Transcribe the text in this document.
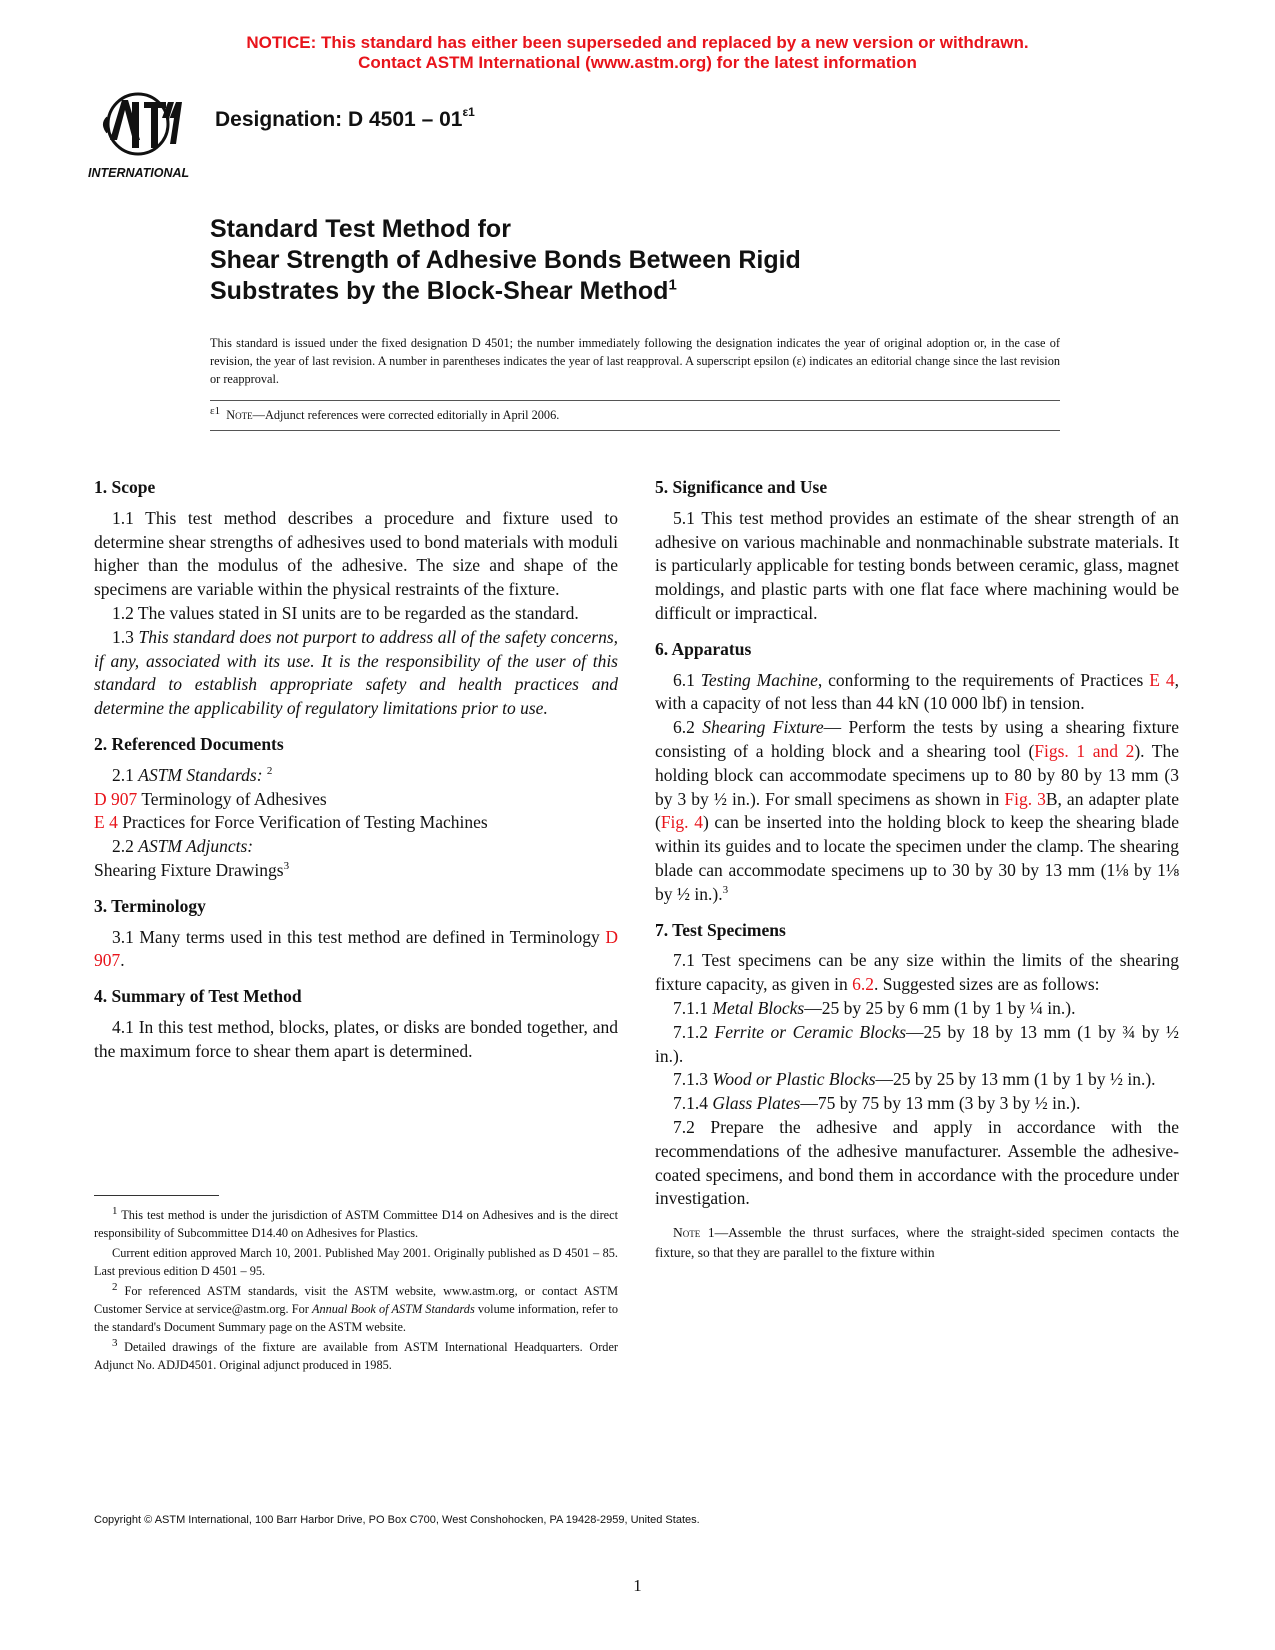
NOTICE: This standard has either been superseded and replaced by a new version or withdrawn.
Contact ASTM International (www.astm.org) for the latest information
INTERNATIONAL
Designation: D $4501 - 01^{\varepsilon 1}$
Standard Test Method for
Shear Strength of Adhesive Bonds Between Rigid
Substrates by the Block-Shear Method$^1$
This standard is issued under the fixed designation D 4501; the number immediately following the designation indicates the year of original adoption or, in the case of revision, the year of last revision. A number in parentheses indicates the year of last reapproval. A superscript epsilon (ε) indicates an editorial change since the last revision or reapproval.
$^{\varepsilon 1}$ Note—Adjunct references were corrected editorially in April 2006.
1. Scope

1.1 This test method describes a procedure and fixture used to determine shear strengths of adhesives used to bond materials with moduli higher than the modulus of the adhesive. The size and shape of the specimens are variable within the physical restraints of the fixture.

1.2 The values stated in SI units are to be regarded as the standard.

1.3 This standard does not purport to address all of the safety concerns, if any, associated with its use. It is the responsibility of the user of this standard to establish appropriate safety and health practices and determine the applicability of regulatory limitations prior to use.

2. Referenced Documents

2.1 ASTM Standards: $^2$

D 907 Terminology of Adhesives

E 4 Practices for Force Verification of Testing Machines

2.2 ASTM Adjuncts:

Shearing Fixture Drawings$^3$

3. Terminology

3.1 Many terms used in this test method are defined in Terminology D 907.

4. Summary of Test Method

4.1 In this test method, blocks, plates, or disks are bonded together, and the maximum force to shear them apart is determined.

$^1$ This test method is under the jurisdiction of ASTM Committee D14 on Adhesives and is the direct responsibility of Subcommittee D14.40 on Adhesives for Plastics.

Current edition approved March 10, 2001. Published May 2001. Originally published as D 4501 – 85. Last previous edition D 4501 – 95.

$^2$ For referenced ASTM standards, visit the ASTM website, www.astm.org, or contact ASTM Customer Service at service@astm.org. For Annual Book of ASTM Standards volume information, refer to the standard's Document Summary page on the ASTM website.

$^3$ Detailed drawings of the fixture are available from ASTM International Headquarters. Order Adjunct No. ADJD4501. Original adjunct produced in 1985.

5. Significance and Use

5.1 This test method provides an estimate of the shear strength of an adhesive on various machinable and nonmachinable substrate materials. It is particularly applicable for testing bonds between ceramic, glass, magnet moldings, and plastic parts with one flat face where machining would be difficult or impractical.

6. Apparatus

6.1 Testing Machine, conforming to the requirements of Practices E 4, with a capacity of not less than 44 kN (10 000 lbf) in tension.

6.2 Shearing Fixture— Perform the tests by using a shearing fixture consisting of a holding block and a shearing tool (Figs. 1 and 2). The holding block can accommodate specimens up to 80 by 80 by 13 mm (3 by 3 by ½ in.). For small specimens as shown in Fig. 3B, an adapter plate (Fig. 4) can be inserted into the holding block to keep the shearing blade within its guides and to locate the specimen under the clamp. The shearing blade can accommodate specimens up to 30 by 30 by 13 mm (1⅛ by 1⅛ by ½ in.).$^3$

7. Test Specimens

7.1 Test specimens can be any size within the limits of the shearing fixture capacity, as given in 6.2. Suggested sizes are as follows:

7.1.1 Metal Blocks—25 by 25 by 6 mm (1 by 1 by ¼ in.).

7.1.2 Ferrite or Ceramic Blocks—25 by 18 by 13 mm (1 by ¾ by ½ in.).

7.1.3 Wood or Plastic Blocks—25 by 25 by 13 mm (1 by 1 by ½ in.).

7.1.4 Glass Plates—75 by 75 by 13 mm (3 by 3 by ½ in.).

7.2 Prepare the adhesive and apply in accordance with the recommendations of the adhesive manufacturer. Assemble the adhesive-coated specimens, and bond them in accordance with the procedure under investigation.

Note 1—Assemble the thrust surfaces, where the straight-sided specimen contacts the fixture, so that they are parallel to the fixture within

Copyright © ASTM International, 100 Barr Harbor Drive, PO Box C700, West Conshohocken, PA 19428-2959, United States.
1
